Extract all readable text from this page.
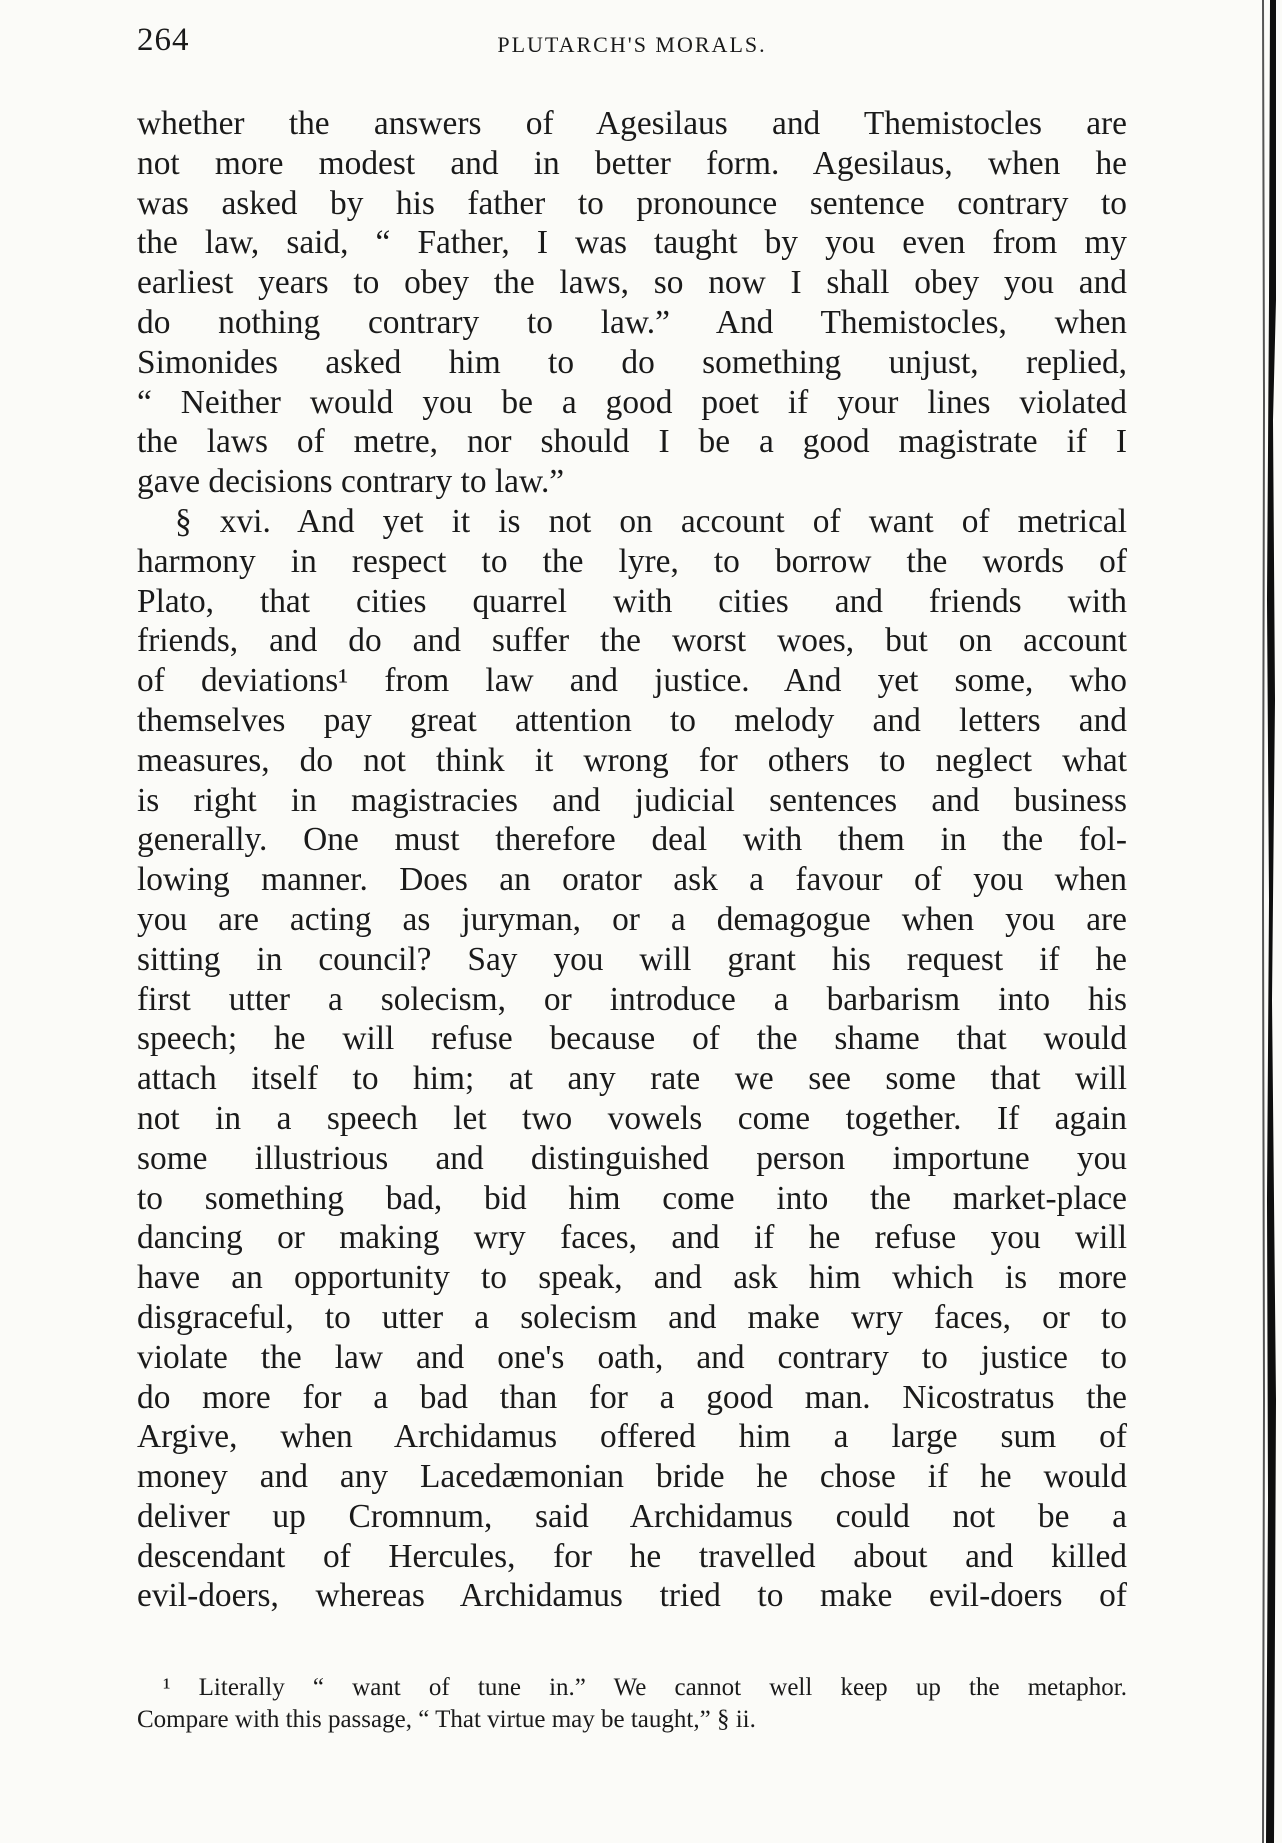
264	PLUTARCH'S MORALS.
whether the answers of Agesilaus and Themistocles are
not more modest and in better form. Agesilaus, when he
was asked by his father to pronounce sentence contrary to
the law, said, “ Father, I was taught by you even from my
earliest years to obey the laws, so now I shall obey you and
do nothing contrary to law.” And Themistocles, when
Simonides asked him to do something unjust, replied,
“ Neither would you be a good poet if your lines violated
the laws of metre, nor should I be a good magistrate if I
gave decisions contrary to law.”
§ xvi. And yet it is not on account of want of metrical
harmony in respect to the lyre, to borrow the words of
Plato, that cities quarrel with cities and friends with
friends, and do and suffer the worst woes, but on account
of deviations¹ from law and justice. And yet some, who
themselves pay great attention to melody and letters and
measures, do not think it wrong for others to neglect what
is right in magistracies and judicial sentences and business
generally. One must therefore deal with them in the fol-
lowing manner. Does an orator ask a favour of you when
you are acting as juryman, or a demagogue when you are
sitting in council? Say you will grant his request if he
first utter a solecism, or introduce a barbarism into his
speech; he will refuse because of the shame that would
attach itself to him; at any rate we see some that will
not in a speech let two vowels come together. If again
some illustrious and distinguished person importune you
to something bad, bid him come into the market-place
dancing or making wry faces, and if he refuse you will
have an opportunity to speak, and ask him which is more
disgraceful, to utter a solecism and make wry faces, or to
violate the law and one's oath, and contrary to justice to
do more for a bad than for a good man. Nicostratus the
Argive, when Archidamus offered him a large sum of
money and any Lacedæmonian bride he chose if he would
deliver up Cromnum, said Archidamus could not be a
descendant of Hercules, for he travelled about and killed
evil-doers, whereas Archidamus tried to make evil-doers of
¹ Literally “ want of tune in.” We cannot well keep up the metaphor.
Compare with this passage, “ That virtue may be taught,” § ii.
